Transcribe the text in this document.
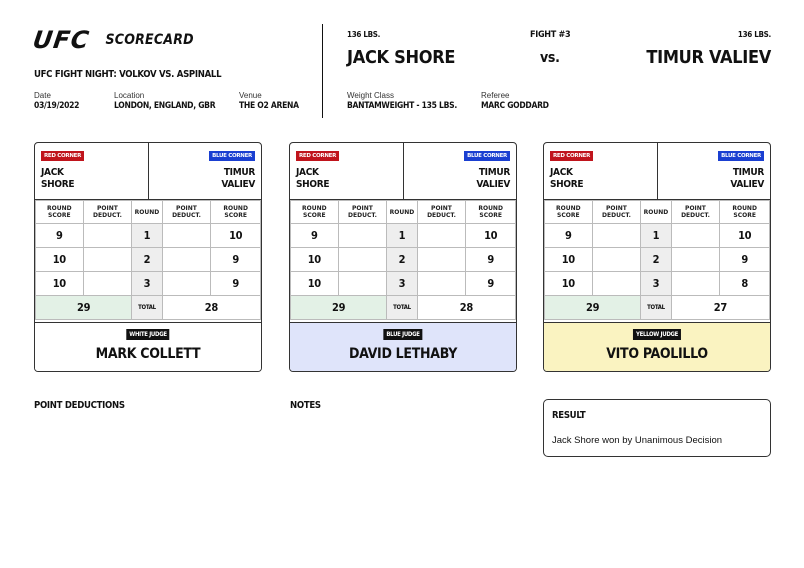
UFC SCORECARD
UFC FIGHT NIGHT: VOLKOV VS. ASPINALL
Date
03/19/2022
Location
LONDON, ENGLAND, GBR
Venue
THE O2 ARENA
136 LBS.
JACK SHORE
FIGHT #3
vs.
136 LBS.
TIMUR VALIEV
Weight Class
BANTAMWEIGHT - 135 LBS.
Referee
MARC GODDARD
RED CORNER
JACK
SHORE
BLUE CORNER
TIMUR
VALIEV
ROUND SCORE	POINT DEDUCT.	ROUND	POINT DEDUCT.	ROUND SCORE
9		1		10
10		2		9
10		3		9
29		TOTAL	28	
WHITE JUDGE
MARK COLLETT
RED CORNER
JACK
SHORE
BLUE CORNER
TIMUR
VALIEV
ROUND SCORE	POINT DEDUCT.	ROUND	POINT DEDUCT.	ROUND SCORE
9		1		10
10		2		9
10		3		9
29		TOTAL	28	
BLUE JUDGE
DAVID LETHABY
RED CORNER
JACK
SHORE
BLUE CORNER
TIMUR
VALIEV
ROUND SCORE	POINT DEDUCT.	ROUND	POINT DEDUCT.	ROUND SCORE
9		1		10
10		2		9
10		3		8
29		TOTAL	27	
YELLOW JUDGE
VITO PAOLILLO
POINT DEDUCTIONS	NOTES
RESULT
Jack Shore won by Unanimous Decision
